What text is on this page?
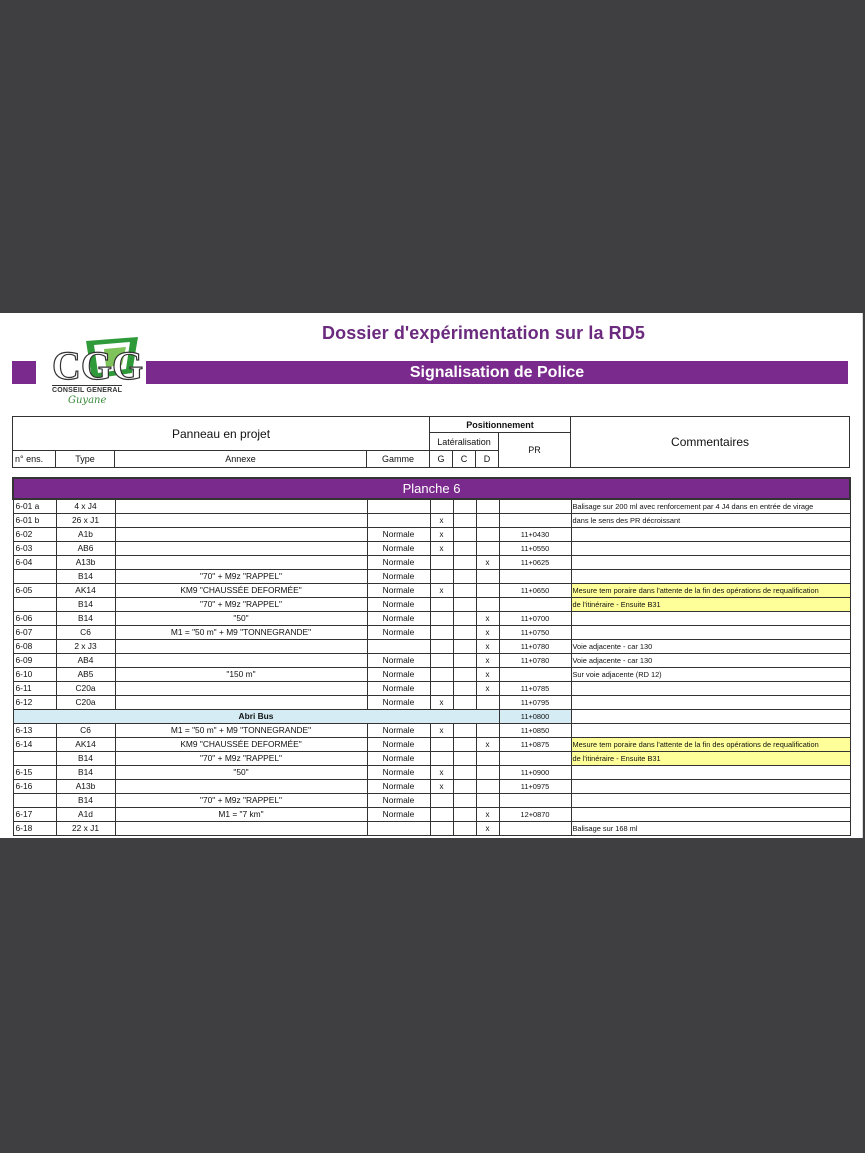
CGG
CONSEIL GENERAL
Guyane
Dossier d'expérimentation sur la RD5
Signalisation de Police
Panneau en projet				Positionnement				Commentaires
				Latéralisation			PR	
n° ens.	Type	Annexe	Gamme	G	C	D		
Planche 6								
6-01 a	4 x J4							Balisage sur 200 ml avec renforcement par 4 J4 dans en entrée de virage
6-01 b	26 x J1			x				dans le sens des PR décroissant
6-02	A1b		Normale	x			11+0430	
6-03	AB6		Normale	x			11+0550	
6-04	A13b		Normale			x	11+0625	
	B14	"70" + M9z "RAPPEL"	Normale					
6-05	AK14	KM9 "CHAUSSÉE DEFORMÉE"	Normale	x			11+0650	Mesure tem poraire dans l'attente de la fin des opérations de requalification
	B14	"70" + M9z "RAPPEL"	Normale					de l'itinéraire - Ensuite B31
6-06	B14	"50"	Normale			x	11+0700	
6-07	C6	M1 = "50 m" + M9 "TONNEGRANDE"	Normale			x	11+0750	
6-08	2 x J3					x	11+0780	Voie adjacente - car 130
6-09	AB4		Normale			x	11+0780	Voie adjacente - car 130
6-10	AB5	"150 m"	Normale			x		Sur voie adjacente (RD 12)
6-11	C20a		Normale			x	11+0785	
6-12	C20a		Normale	x			11+0795	
Abri Bus							11+0800	
6-13	C6	M1 = "50 m" + M9 "TONNEGRANDE"	Normale	x			11+0850	
6-14	AK14	KM9 "CHAUSSÉE DEFORMÉE"	Normale			x	11+0875	Mesure tem poraire dans l'attente de la fin des opérations de requalification
	B14	"70" + M9z "RAPPEL"	Normale					de l'itinéraire - Ensuite B31
6-15	B14	"50"	Normale	x			11+0900	
6-16	A13b		Normale	x			11+0975	
	B14	"70" + M9z "RAPPEL"	Normale					
6-17	A1d	M1 = "7 km"	Normale			x	12+0870	
6-18	22 x J1					x		Balisage sur 168 ml
